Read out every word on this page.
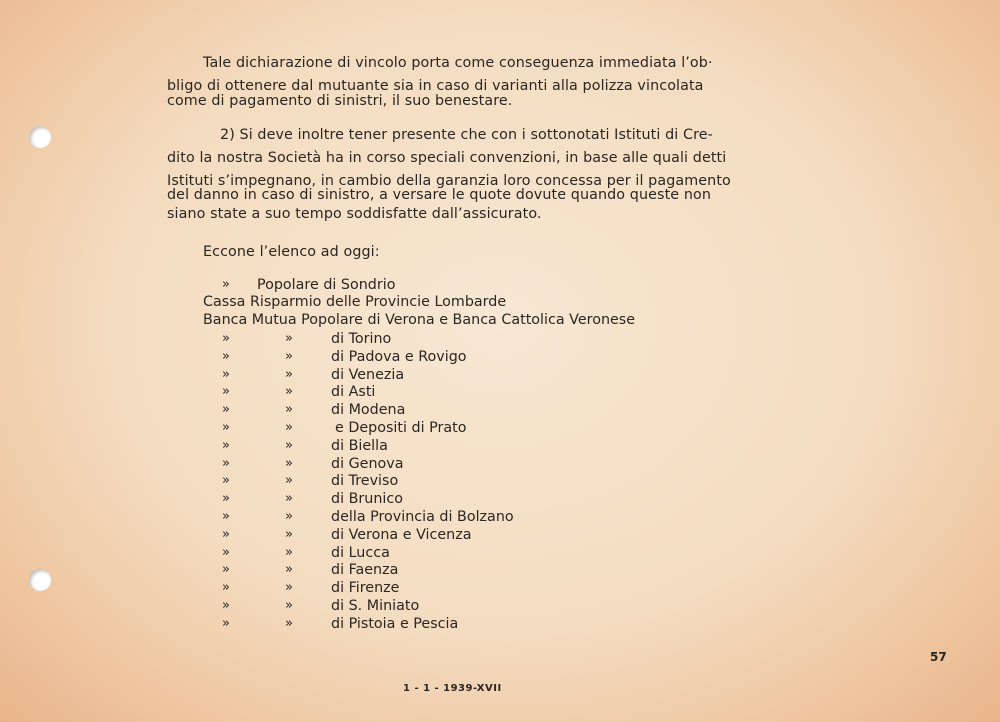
Tale dichiarazione di vincolo porta come conseguenza immediata l’ob·
bligo di ottenere dal mutuante sia in caso di varianti alla polizza vincolata
come di pagamento di sinistri, il suo benestare.
2) Si deve inoltre tener presente che con i sottonotati Istituti di Cre-
dito la nostra Società ha in corso speciali convenzioni, in base alle quali detti
Istituti s’impegnano, in cambio della garanzia loro concessa per il pagamento
del danno in caso di sinistro, a versare le quote dovute quando queste non
siano state a suo tempo soddisfatte dall’assicurato.
Eccone l’elenco ad oggi:
» Popolare di Sondrio
Cassa Risparmio delle Provincie Lombarde
Banca Mutua Popolare di Verona e Banca Cattolica Veronese
»	»	di Torino
»	»	di Padova e Rovigo
»	»	di Venezia
»	»	di Asti
»	»	di Modena
»	»	e Depositi di Prato
»	»	di Biella
»	»	di Genova
»	»	di Treviso
»	»	di Brunico
»	»	della Provincia di Bolzano
»	»	di Verona e Vicenza
»	»	di Lucca
»	»	di Faenza
»	»	di Firenze
»	»	di S. Miniato
»	»	di Pistoia e Pescia
57
1 - 1 - 1939-XVII
